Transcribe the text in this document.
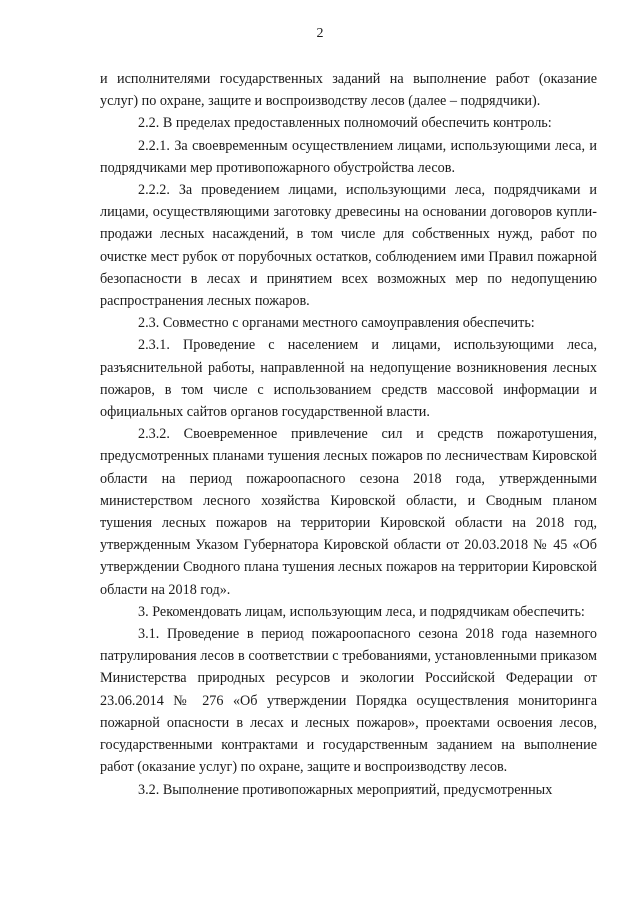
2

и исполнителями государственных заданий на выполнение работ (оказание услуг) по охране, защите и воспроизводству лесов (далее – подрядчики).

2.2. В пределах предоставленных полномочий обеспечить контроль:

2.2.1. За своевременным осуществлением лицами, использующими леса, и подрядчиками мер противопожарного обустройства лесов.

2.2.2. За проведением лицами, использующими леса, подрядчиками и лицами, осуществляющими заготовку древесины на основании договоров купли-продажи лесных насаждений, в том числе для собственных нужд, работ по очистке мест рубок от порубочных остатков, соблюдением ими Правил пожарной безопасности в лесах и принятием всех возможных мер по недопущению распространения лесных пожаров.

2.3. Совместно с органами местного самоуправления обеспечить:

2.3.1. Проведение с населением и лицами, использующими леса, разъяснительной работы, направленной на недопущение возникновения лесных пожаров, в том числе с использованием средств массовой информации и официальных сайтов органов государственной власти.

2.3.2. Своевременное привлечение сил и средств пожаротушения, предусмотренных планами тушения лесных пожаров по лесничествам Кировской области на период пожароопасного сезона 2018 года, утвержденными министерством лесного хозяйства Кировской области, и Сводным планом тушения лесных пожаров на территории Кировской области на 2018 год, утвержденным Указом Губернатора Кировской области от 20.03.2018 № 45 «Об утверждении Сводного плана тушения лесных пожаров на территории Кировской области на 2018 год».

3. Рекомендовать лицам, использующим леса, и подрядчикам обеспечить:

3.1. Проведение в период пожароопасного сезона 2018 года наземного патрулирования лесов в соответствии с требованиями, установленными приказом Министерства природных ресурсов и экологии Российской Федерации от 23.06.2014 № 276 «Об утверждении Порядка осуществления мониторинга пожарной опасности в лесах и лесных пожаров», проектами освоения лесов, государственными контрактами и государственным заданием на выполнение работ (оказание услуг) по охране, защите и воспроизводству лесов.

3.2. Выполнение противопожарных мероприятий, предусмотренных
